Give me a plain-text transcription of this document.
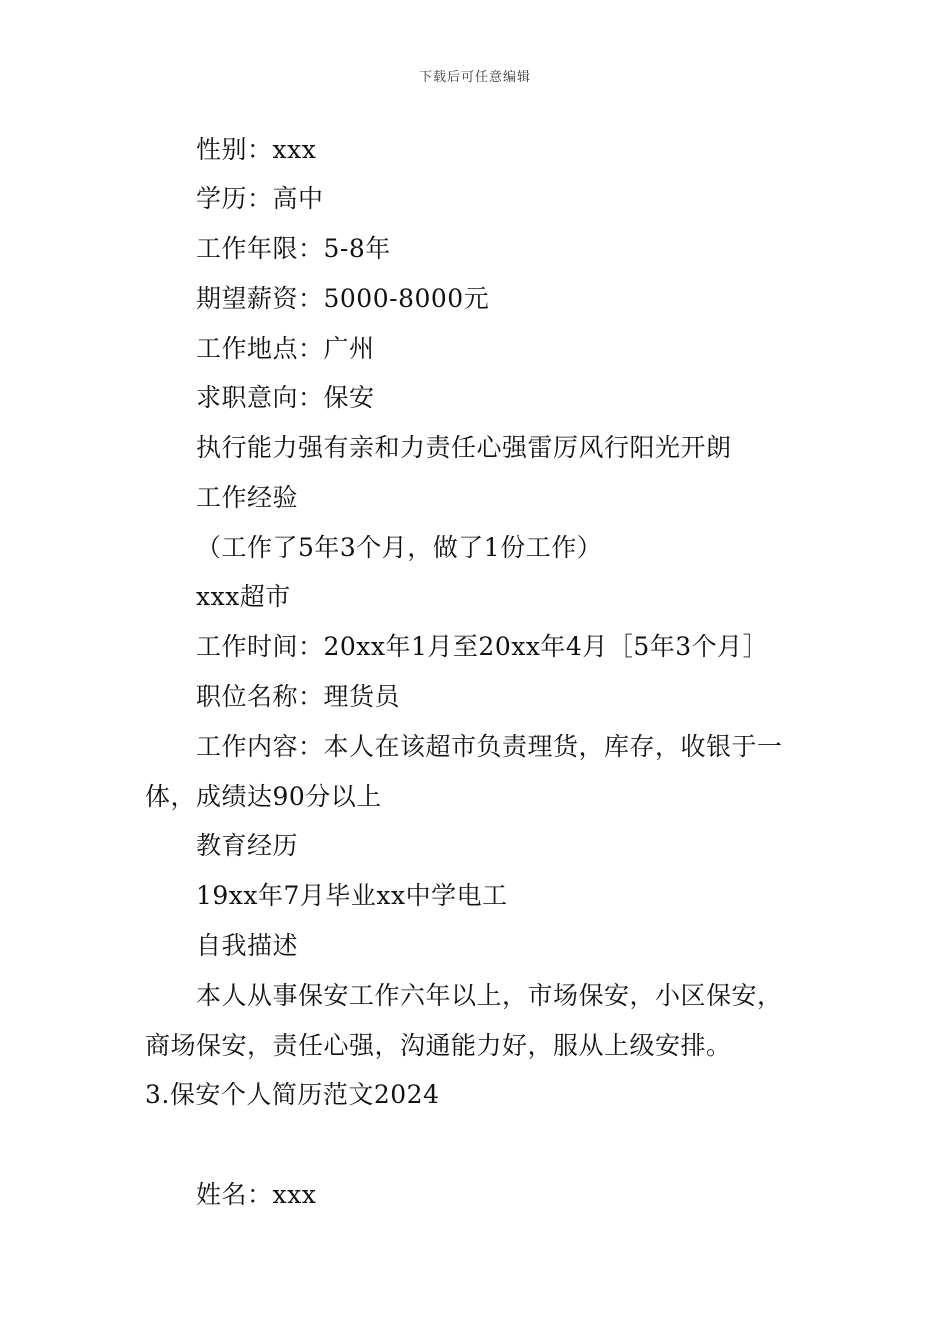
下载后可任意编辑
性别：xxx
学历：高中
工作年限：5-8年
期望薪资：5000-8000元
工作地点：广州
求职意向：保安
执行能力强有亲和力责任心强雷厉风行阳光开朗
工作经验
（工作了5年3个月，做了1份工作）
xxx超市
工作时间：20xx年1月至20xx年4月［5年3个月］
职位名称：理货员
工作内容：本人在该超市负责理货，库存，收银于一
体，成绩达90分以上
教育经历
19xx年7月毕业xx中学电工
自我描述
本人从事保安工作六年以上，市场保安，小区保安，
商场保安，责任心强，沟通能力好，服从上级安排。
3.保安个人简历范文2024
姓名：xxx
